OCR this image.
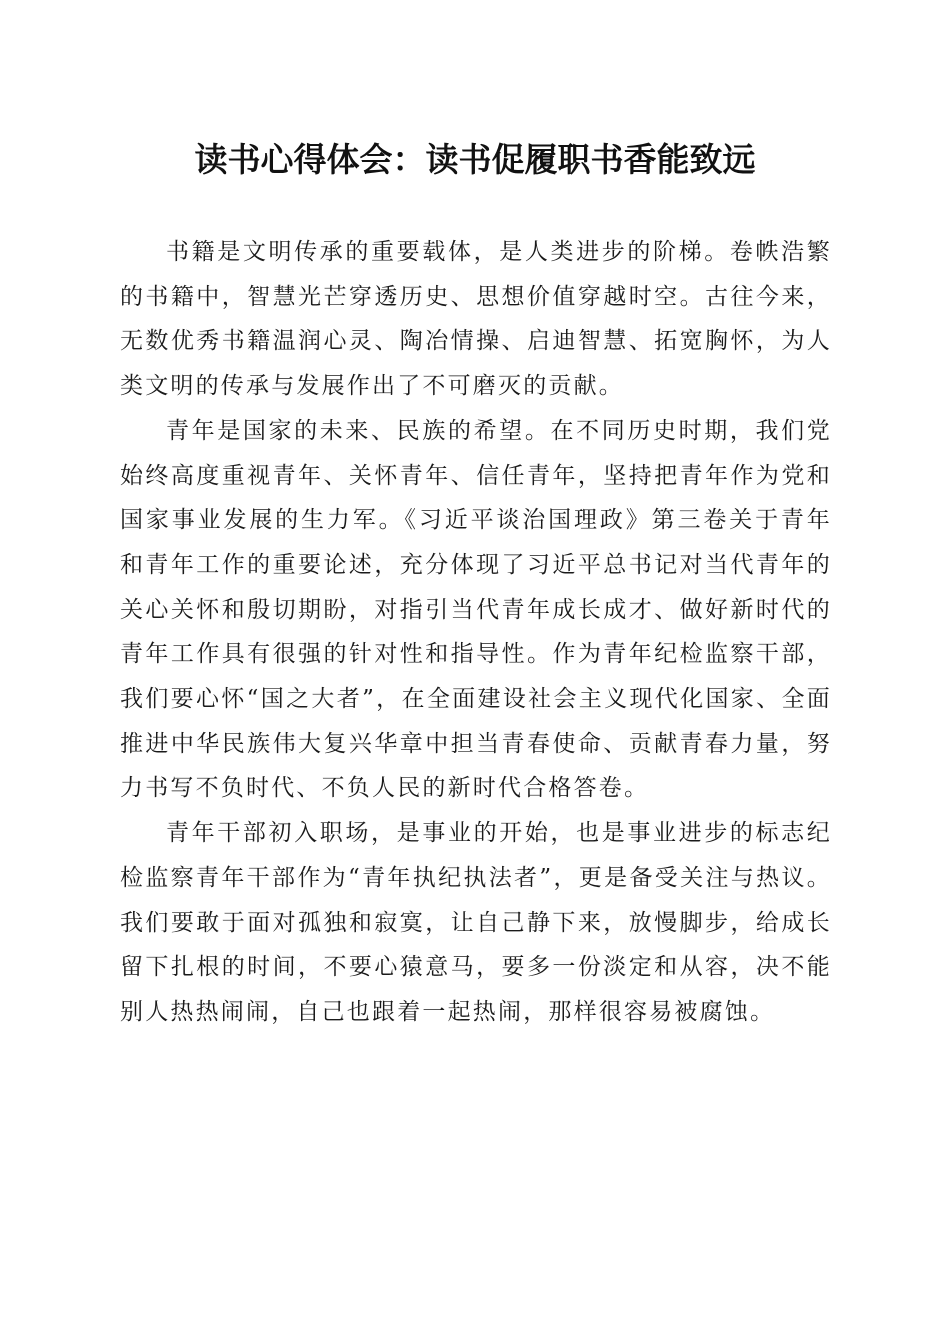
读书心得体会：读书促履职书香能致远

书籍是文明传承的重要载体，是人类进步的阶梯。卷帙浩繁的书籍中，智慧光芒穿透历史、思想价值穿越时空。古往今来，无数优秀书籍温润心灵、陶冶情操、启迪智慧、拓宽胸怀，为人类文明的传承与发展作出了不可磨灭的贡献。

青年是国家的未来、民族的希望。在不同历史时期，我们党始终高度重视青年、关怀青年、信任青年，坚持把青年作为党和国家事业发展的生力军。《习近平谈治国理政》第三卷关于青年和青年工作的重要论述，充分体现了习近平总书记对当代青年的关心关怀和殷切期盼，对指引当代青年成长成才、做好新时代的青年工作具有很强的针对性和指导性。作为青年纪检监察干部，我们要心怀“国之大者”，在全面建设社会主义现代化国家、全面推进中华民族伟大复兴华章中担当青春使命、贡献青春力量，努力书写不负时代、不负人民的新时代合格答卷。

青年干部初入职场，是事业的开始，也是事业进步的标志纪检监察青年干部作为“青年执纪执法者”，更是备受关注与热议。我们要敢于面对孤独和寂寞，让自己静下来，放慢脚步，给成长留下扎根的时间，不要心猿意马，要多一份淡定和从容，决不能别人热热闹闹，自己也跟着一起热闹，那样很容易被腐蚀。
